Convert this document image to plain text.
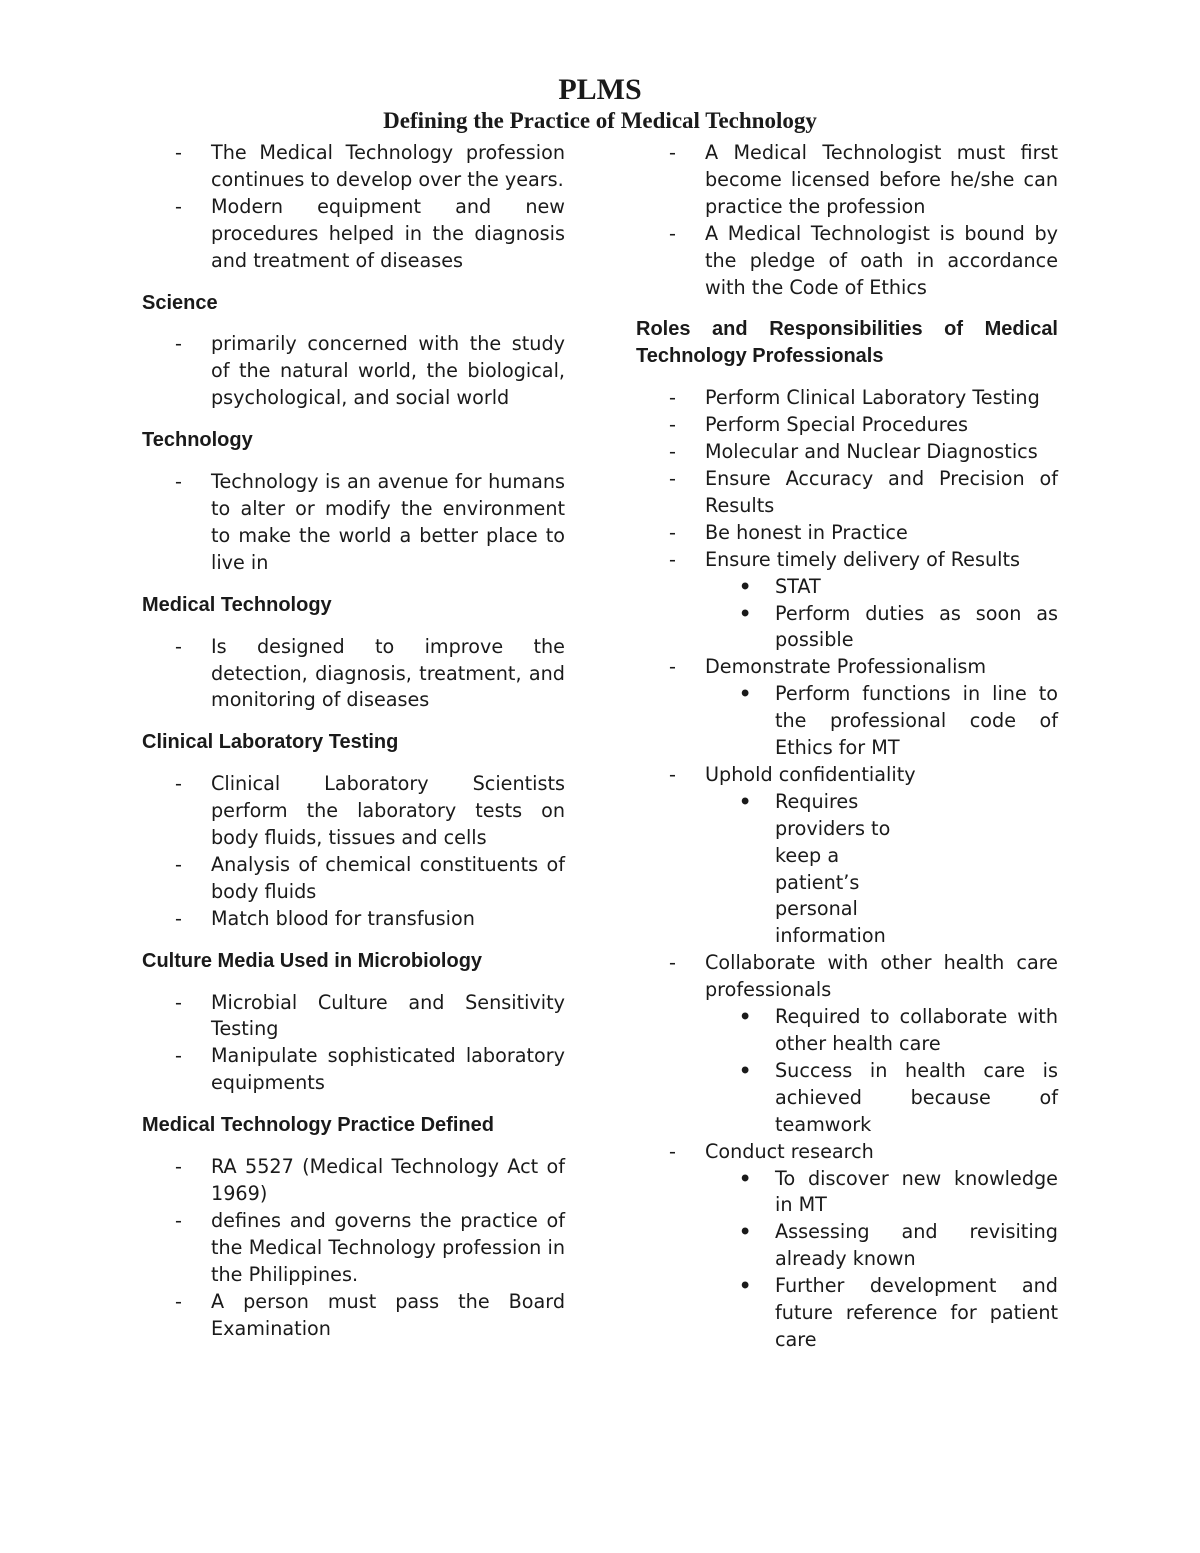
PLMS
Defining the Practice of Medical Technology
- The Medical Technology profession continues to develop over the years.
- Modern equipment and new procedures helped in the diagnosis and treatment of diseases
Science
- primarily concerned with the study of the natural world, the biological, psychological, and social world
Technology
- Technology is an avenue for humans to alter or modify the environment to make the world a better place to live in
Medical Technology
- Is designed to improve the detection, diagnosis, treatment, and monitoring of diseases
Clinical Laboratory Testing
- Clinical Laboratory Scientists perform the laboratory tests on body fluids, tissues and cells
- Analysis of chemical constituents of body fluids
- Match blood for transfusion
Culture Media Used in Microbiology
- Microbial Culture and Sensitivity Testing
- Manipulate sophisticated laboratory equipments
Medical Technology Practice Defined
- RA 5527 (Medical Technology Act of 1969)
- defines and governs the practice of the Medical Technology profession in the Philippines.
- A person must pass the Board Examination
- A Medical Technologist must first become licensed before he/she can practice the profession
- A Medical Technologist is bound by the pledge of oath in accordance with the Code of Ethics
Roles and Responsibilities of Medical Technology Professionals
- Perform Clinical Laboratory Testing
- Perform Special Procedures
- Molecular and Nuclear Diagnostics
- Ensure Accuracy and Precision of Results
- Be honest in Practice
- Ensure timely delivery of Results
• STAT
• Perform duties as soon as possible
- Demonstrate Professionalism
• Perform functions in line to the professional code of Ethics for MT
- Uphold confidentiality
• Requires providers to keep a patient’s personal information
- Collaborate with other health care professionals
• Required to collaborate with other health care
• Success in health care is achieved because of teamwork
- Conduct research
• To discover new knowledge in MT
• Assessing and revisiting already known
• Further development and future reference for patient care
